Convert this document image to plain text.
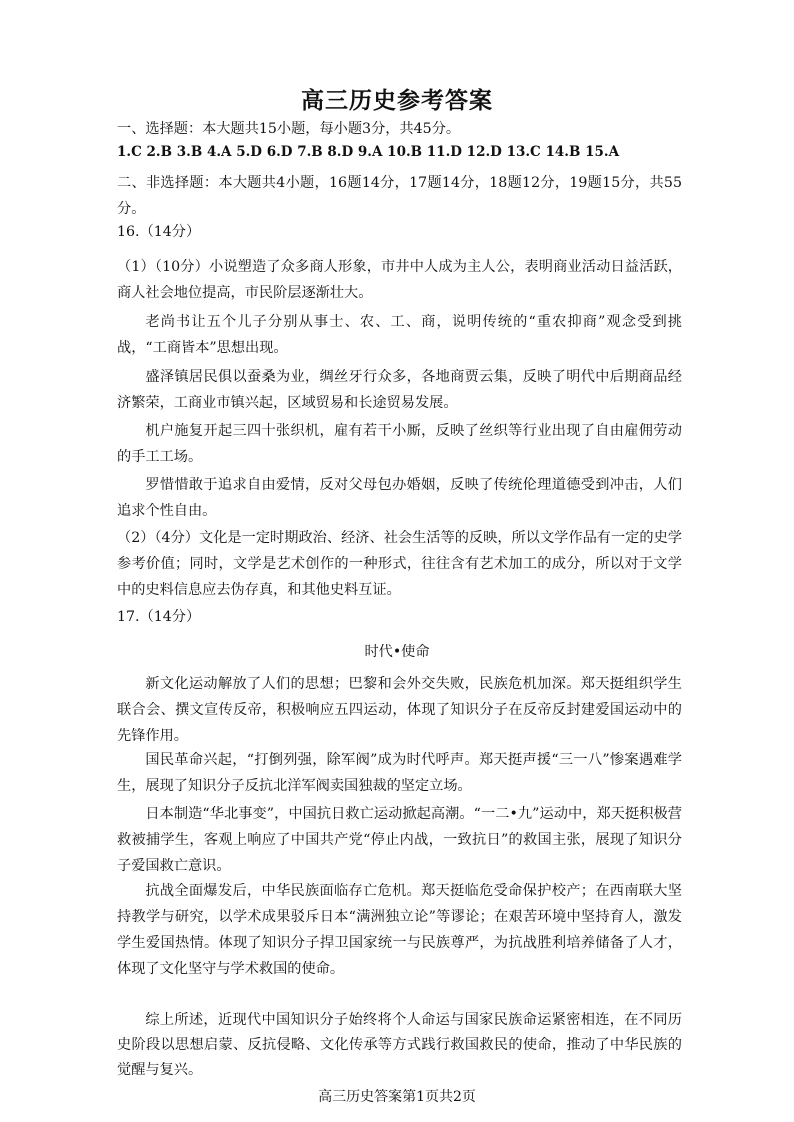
高三历史参考答案
一、选择题：本大题共15小题，每小题3分，共45分。
1.C 2.B 3.B 4.A 5.D 6.D 7.B 8.D 9.A 10.B 11.D 12.D 13.C 14.B 15.A
二、非选择题：本大题共4小题，16题14分，17题14分，18题12分，19题15分，共55分。
16.（14分）
（1）（10分）小说塑造了众多商人形象，市井中人成为主人公，表明商业活动日益活跃，商人社会地位提高，市民阶层逐渐壮大。
老尚书让五个儿子分别从事士、农、工、商，说明传统的“重农抑商”观念受到挑战，“工商皆本”思想出现。
盛泽镇居民俱以蚕桑为业，绸丝牙行众多，各地商贾云集，反映了明代中后期商品经济繁荣，工商业市镇兴起，区域贸易和长途贸易发展。
机户施复开起三四十张织机，雇有若干小厮，反映了丝织等行业出现了自由雇佣劳动的手工工场。
罗惜惜敢于追求自由爱情，反对父母包办婚姻，反映了传统伦理道德受到冲击，人们追求个性自由。
（2）（4分）文化是一定时期政治、经济、社会生活等的反映，所以文学作品有一定的史学参考价值；同时，文学是艺术创作的一种形式，往往含有艺术加工的成分，所以对于文学中的史料信息应去伪存真，和其他史料互证。
17.（14分）
时代•使命
新文化运动解放了人们的思想；巴黎和会外交失败，民族危机加深。郑天挺组织学生联合会、撰文宣传反帝，积极响应五四运动，体现了知识分子在反帝反封建爱国运动中的先锋作用。
国民革命兴起，“打倒列强，除军阀”成为时代呼声。郑天挺声援“三一八”惨案遇难学生，展现了知识分子反抗北洋军阀卖国独裁的坚定立场。
日本制造“华北事变”，中国抗日救亡运动掀起高潮。“一二•九”运动中，郑天挺积极营救被捕学生，客观上响应了中国共产党“停止内战，一致抗日”的救国主张，展现了知识分子爱国救亡意识。
抗战全面爆发后，中华民族面临存亡危机。郑天挺临危受命保护校产；在西南联大坚持教学与研究，以学术成果驳斥日本“满洲独立论”等谬论；在艰苦环境中坚持育人，激发学生爱国热情。体现了知识分子捍卫国家统一与民族尊严，为抗战胜利培养储备了人才，体现了文化坚守与学术救国的使命。
综上所述，近现代中国知识分子始终将个人命运与国家民族命运紧密相连，在不同历史阶段以思想启蒙、反抗侵略、文化传承等方式践行救国救民的使命，推动了中华民族的觉醒与复兴。
高三历史答案第1页共2页
